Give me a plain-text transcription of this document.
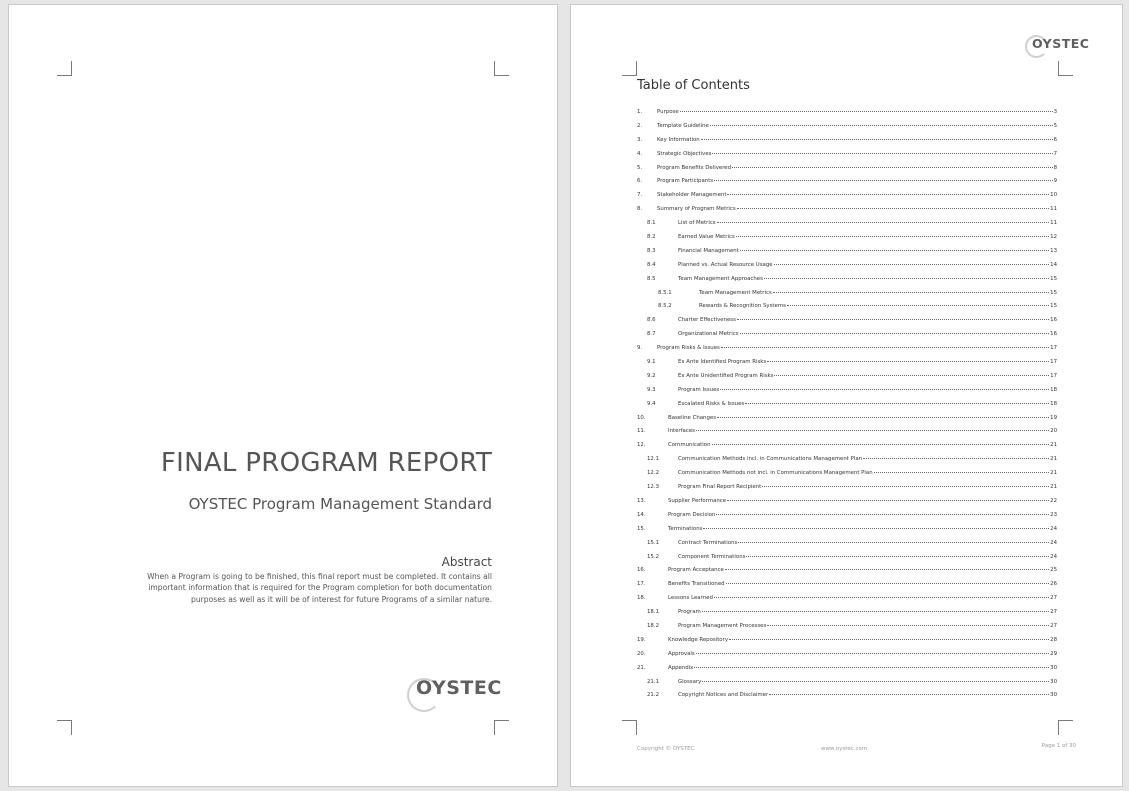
FINAL PROGRAM REPORT
OYSTEC Program Management Standard
Abstract
When a Program is going to be finished, this final report must be completed. It contains all important information that is required for the Program completion for both documentation purposes as well as it will be of interest for future Programs of a similar nature.
OYSTEC
OYSTEC
Table of Contents
1.	Purpose	3
2.	Template Guideline	5
3.	Key Information	6
4.	Strategic Objectives	7
5.	Program Benefits Delivered	8
6.	Program Participants	9
7.	Stakeholder Management	10
8.	Summary of Program Metrics	11
8.1	List of Metrics	11
8.2	Earned Value Metrics	12
8.3	Financial Management	13
8.4	Planned vs. Actual Resource Usage	14
8.5	Team Management Approaches	15
8.5.1	Team Management Metrics	15
8.5.2	Rewards & Recognition Systems	15
8.6	Charter Effectiveness	16
8.7	Organizational Metrics	16
9.	Program Risks & Issues	17
9.1	Ex Ante Identified Program Risks	17
9.2	Ex Ante Unidentified Program Risks	17
9.3	Program Issues	18
9.4	Escalated Risks & Issues	18
10.	Baseline Changes	19
11.	Interfaces	20
12.	Communication	21
12.1	Communication Methods incl. in Communications Management Plan	21
12.2	Communication Methods not incl. in Communications Management Plan	21
12.3	Program Final Report Recipient	21
13.	Supplier Performance	22
14.	Program Decision	23
15.	Terminations	24
15.1	Contract Terminations	24
15.2	Component Terminations	24
16.	Program Acceptance	25
17.	Benefits Transitioned	26
18.	Lessons Learned	27
18.1	Program	27
18.2	Program Management Processes	27
19.	Knowledge Repository	28
20.	Approvals	29
21.	Appendix	30
21.1	Glossary	30
21.2	Copyright Notices and Disclaimer	30
Copyright © OYSTEC	www.oystec.com	Page 1 of 30
